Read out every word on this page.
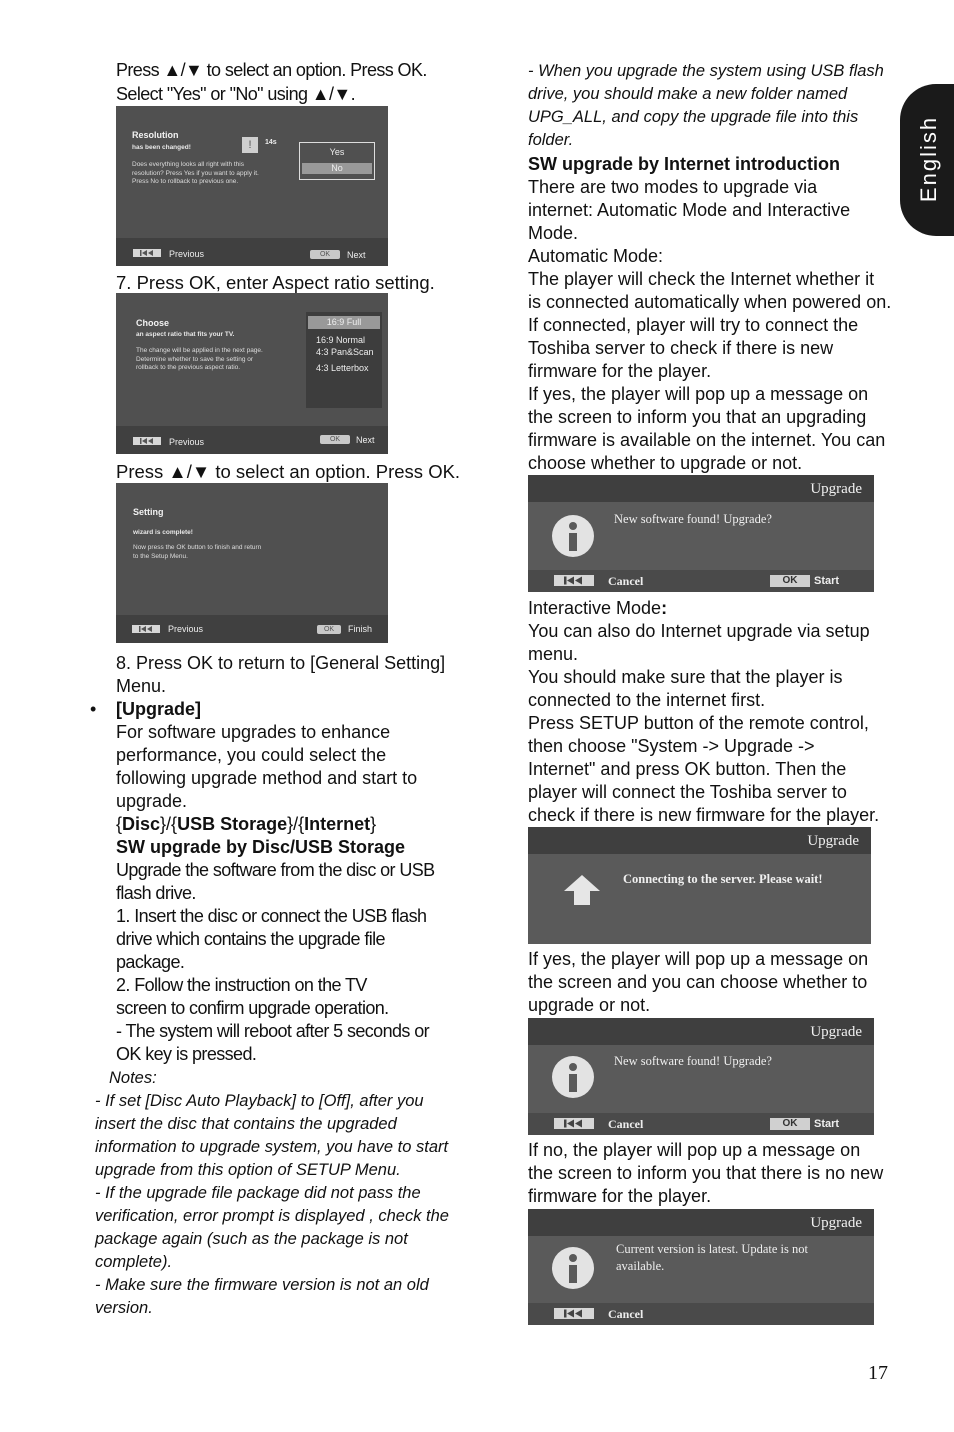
English
Press ▲/▼ to select an option. Press OK.
Select "Yes" or "No" using ▲/▼.
Resolution
has been changed!
Does everything looks all right with this
resolution? Press Yes if you want to apply it.
Press No to rollback to previous one.
!	14s
Yes
No
Previous	OK	Next
7. Press OK, enter Aspect ratio setting.
Choose
an aspect ratio that fits your TV.
The change will be applied in the next page.
Determine whether to save the setting or
rollback to the previous aspect ratio.
16:9 Full
16:9 Normal
4:3 Pan&Scan
4:3 Letterbox
Previous	OK	Next
Press ▲/▼ to select an option. Press OK.
Setting
wizard is complete!
Now press the OK button to finish and return
to the Setup Menu.
Previous	OK	Finish
8. Press OK to return to [General Setting]
Menu.
• [Upgrade]
For software upgrades to enhance
performance, you could select the
following upgrade method and start to
upgrade.
{Disc}/{USB Storage}/{Internet}
SW upgrade by Disc/USB Storage
Upgrade the software from the disc or USB
flash drive.
1. Insert the disc or connect the USB flash
drive which contains the upgrade file
package.
2. Follow the instruction on the TV
screen to confirm upgrade operation.
- The system will reboot after 5 seconds or
OK key is pressed.
Notes:
- If set [Disc Auto Playback] to [Off], after you
insert the disc that contains the upgraded
information to upgrade system, you have to start
upgrade from this option of SETUP Menu.
- If the upgrade file package did not pass the
verification, error prompt is displayed , check the
package again (such as the package is not
complete).
- Make sure the firmware version is not an old
version.
- When you upgrade the system using USB flash
drive, you should make a new folder named
UPG_ALL, and copy the upgrade file into this
folder.
SW upgrade by Internet introduction
There are two modes to upgrade via
internet: Automatic Mode and Interactive
Mode.
Automatic Mode:
The player will check the Internet whether it
is connected automatically when powered on.
If connected, player will try to connect the
Toshiba server to check if there is new
firmware for the player.
If yes, the player will pop up a message on
the screen to inform you that an upgrading
firmware is available on the internet. You can
choose whether to upgrade or not.
Upgrade
New software found! Upgrade?
Cancel	OK	Start
Interactive Mode:
You can also do Internet upgrade via setup
menu.
You should make sure that the player is
connected to the internet first.
Press SETUP button of the remote control,
then choose "System -> Upgrade ->
Internet" and press OK button. Then the
player will connect the Toshiba server to
check if there is new firmware for the player.
Upgrade
Connecting to the server. Please wait!
If yes, the player will pop up a message on
the screen and you can choose whether to
upgrade or not.
Upgrade
New software found! Upgrade?
Cancel	OK	Start
If no, the player will pop up a message on
the screen to inform you that there is no new
firmware for the player.
Upgrade
Current version is latest. Update is not
available.
Cancel
17
